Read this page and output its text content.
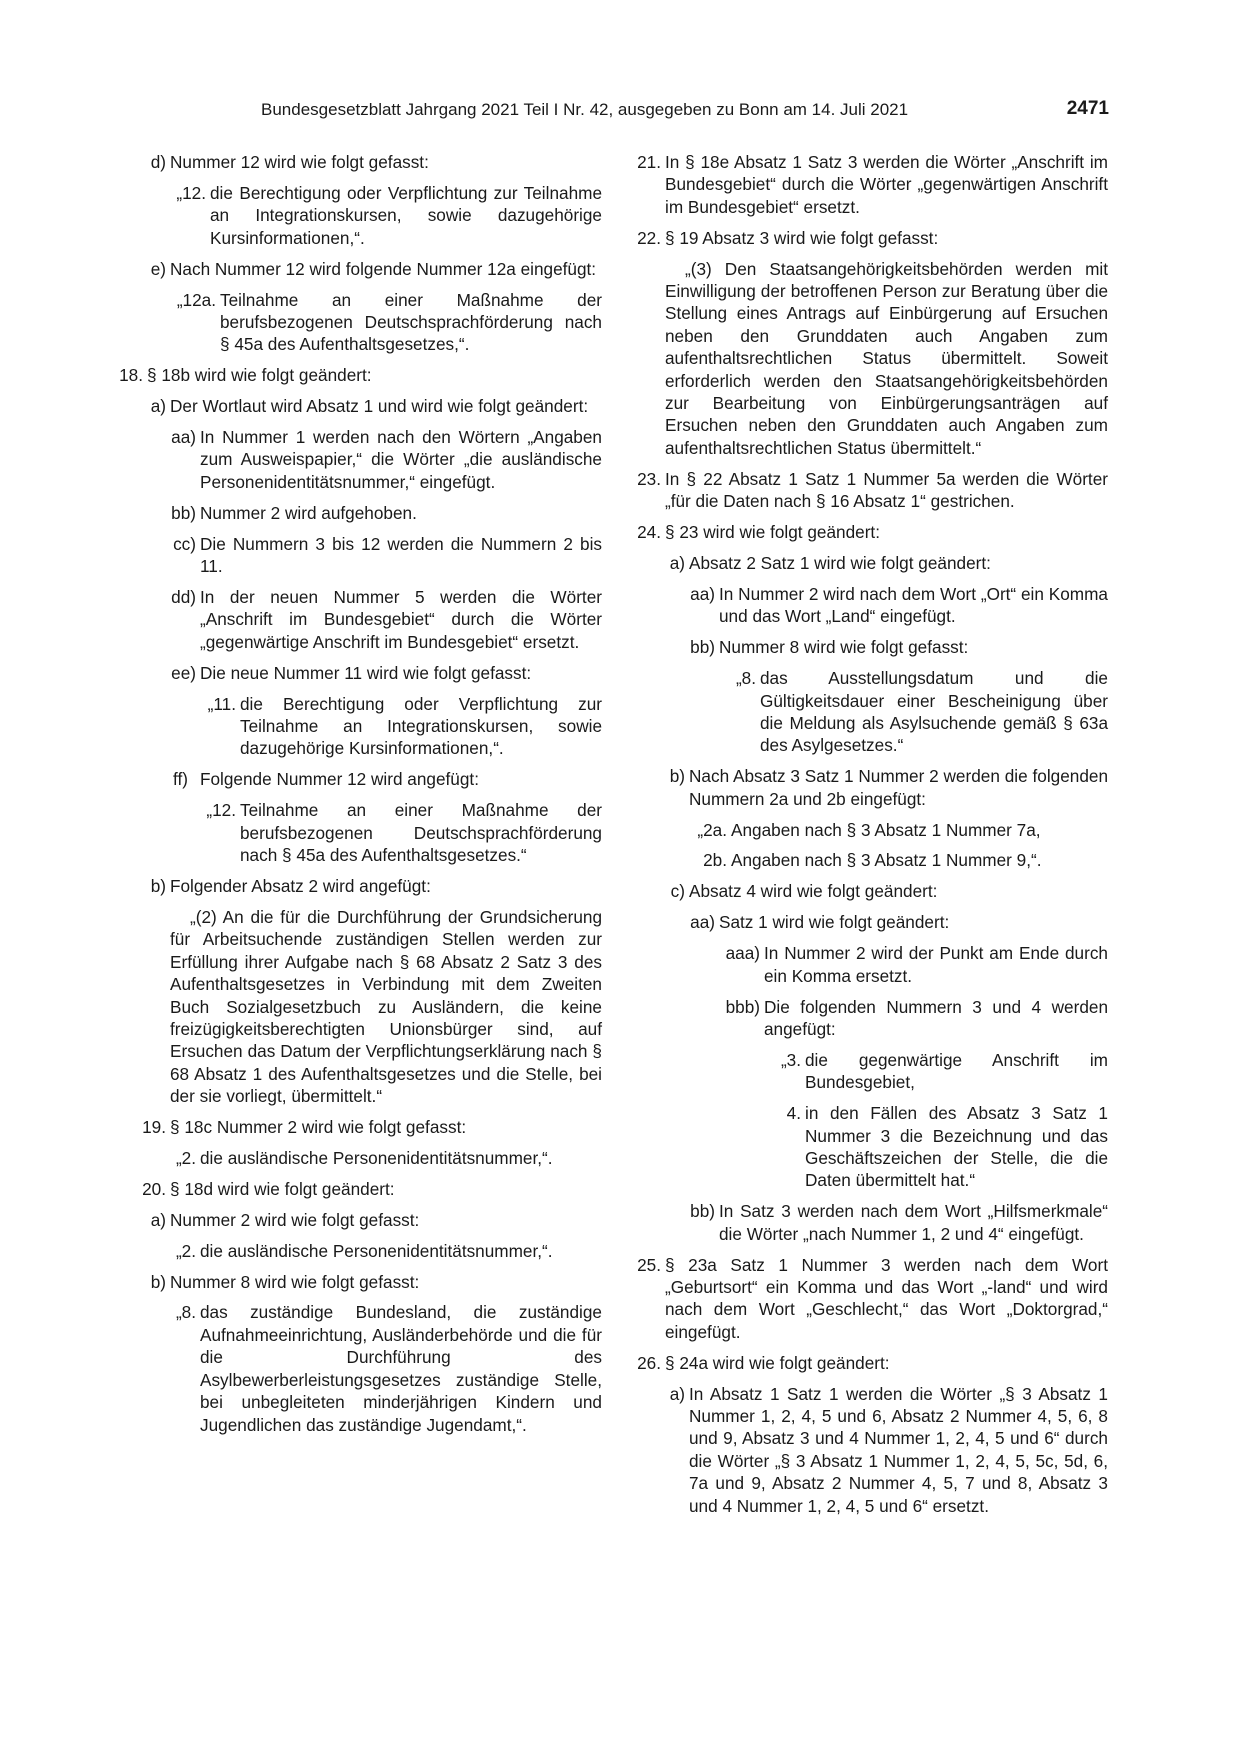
Bundesgesetzblatt Jahrgang 2021 Teil I Nr. 42, ausgegeben zu Bonn am 14. Juli 2021	2471
d) Nummer 12 wird wie folgt gefasst:
„12. die Berechtigung oder Verpflichtung zur Teilnahme an Integrationskursen, sowie dazugehörige Kursinformationen,“.
e) Nach Nummer 12 wird folgende Nummer 12a eingefügt:
„12a. Teilnahme an einer Maßnahme der berufsbezogenen Deutschsprachförderung nach § 45a des Aufenthaltsgesetzes,“.
18. § 18b wird wie folgt geändert:
a) Der Wortlaut wird Absatz 1 und wird wie folgt geändert:
aa) In Nummer 1 werden nach den Wörtern „Angaben zum Ausweispapier,“ die Wörter „die ausländische Personenidentitätsnummer,“ eingefügt.
bb) Nummer 2 wird aufgehoben.
cc) Die Nummern 3 bis 12 werden die Nummern 2 bis 11.
dd) In der neuen Nummer 5 werden die Wörter „Anschrift im Bundesgebiet“ durch die Wörter „gegenwärtige Anschrift im Bundesgebiet“ ersetzt.
ee) Die neue Nummer 11 wird wie folgt gefasst:
„11. die Berechtigung oder Verpflichtung zur Teilnahme an Integrationskursen, sowie dazugehörige Kursinformationen,“.
ff) Folgende Nummer 12 wird angefügt:
„12. Teilnahme an einer Maßnahme der berufsbezogenen Deutschsprachförderung nach § 45a des Aufenthaltsgesetzes.“
b) Folgender Absatz 2 wird angefügt:
„(2) An die für die Durchführung der Grundsicherung für Arbeitsuchende zuständigen Stellen werden zur Erfüllung ihrer Aufgabe nach § 68 Absatz 2 Satz 3 des Aufenthaltsgesetzes in Verbindung mit dem Zweiten Buch Sozialgesetzbuch zu Ausländern, die keine freizügigkeitsberechtigten Unionsbürger sind, auf Ersuchen das Datum der Verpflichtungserklärung nach § 68 Absatz 1 des Aufenthaltsgesetzes und die Stelle, bei der sie vorliegt, übermittelt.“
19. § 18c Nummer 2 wird wie folgt gefasst:
„2. die ausländische Personenidentitätsnummer,“.
20. § 18d wird wie folgt geändert:
a) Nummer 2 wird wie folgt gefasst:
„2. die ausländische Personenidentitätsnummer,“.
b) Nummer 8 wird wie folgt gefasst:
„8. das zuständige Bundesland, die zuständige Aufnahmeeinrichtung, Ausländerbehörde und die für die Durchführung des Asylbewerberleistungsgesetzes zuständige Stelle, bei unbegleiteten minderjährigen Kindern und Jugendlichen das zuständige Jugendamt,“.
21. In § 18e Absatz 1 Satz 3 werden die Wörter „Anschrift im Bundesgebiet“ durch die Wörter „gegenwärtigen Anschrift im Bundesgebiet“ ersetzt.
22. § 19 Absatz 3 wird wie folgt gefasst:
„(3) Den Staatsangehörigkeitsbehörden werden mit Einwilligung der betroffenen Person zur Beratung über die Stellung eines Antrags auf Einbürgerung auf Ersuchen neben den Grunddaten auch Angaben zum aufenthaltsrechtlichen Status übermittelt. Soweit erforderlich werden den Staatsangehörigkeitsbehörden zur Bearbeitung von Einbürgerungsanträgen auf Ersuchen neben den Grunddaten auch Angaben zum aufenthaltsrechtlichen Status übermittelt.“
23. In § 22 Absatz 1 Satz 1 Nummer 5a werden die Wörter „für die Daten nach § 16 Absatz 1“ gestrichen.
24. § 23 wird wie folgt geändert:
a) Absatz 2 Satz 1 wird wie folgt geändert:
aa) In Nummer 2 wird nach dem Wort „Ort“ ein Komma und das Wort „Land“ eingefügt.
bb) Nummer 8 wird wie folgt gefasst:
„8. das Ausstellungsdatum und die Gültigkeitsdauer einer Bescheinigung über die Meldung als Asylsuchende gemäß § 63a des Asylgesetzes.“
b) Nach Absatz 3 Satz 1 Nummer 2 werden die folgenden Nummern 2a und 2b eingefügt:
„2a. Angaben nach § 3 Absatz 1 Nummer 7a,
2b. Angaben nach § 3 Absatz 1 Nummer 9,“.
c) Absatz 4 wird wie folgt geändert:
aa) Satz 1 wird wie folgt geändert:
aaa) In Nummer 2 wird der Punkt am Ende durch ein Komma ersetzt.
bbb) Die folgenden Nummern 3 und 4 werden angefügt:
„3. die gegenwärtige Anschrift im Bundesgebiet,
4. in den Fällen des Absatz 3 Satz 1 Nummer 3 die Bezeichnung und das Geschäftszeichen der Stelle, die die Daten übermittelt hat.“
bb) In Satz 3 werden nach dem Wort „Hilfsmerkmale“ die Wörter „nach Nummer 1, 2 und 4“ eingefügt.
25. § 23a Satz 1 Nummer 3 werden nach dem Wort „Geburtsort“ ein Komma und das Wort „-land“ und wird nach dem Wort „Geschlecht,“ das Wort „Doktorgrad,“ eingefügt.
26. § 24a wird wie folgt geändert:
a) In Absatz 1 Satz 1 werden die Wörter „§ 3 Absatz 1 Nummer 1, 2, 4, 5 und 6, Absatz 2 Nummer 4, 5, 6, 8 und 9, Absatz 3 und 4 Nummer 1, 2, 4, 5 und 6“ durch die Wörter „§ 3 Absatz 1 Nummer 1, 2, 4, 5, 5c, 5d, 6, 7a und 9, Absatz 2 Nummer 4, 5, 7 und 8, Absatz 3 und 4 Nummer 1, 2, 4, 5 und 6“ ersetzt.
